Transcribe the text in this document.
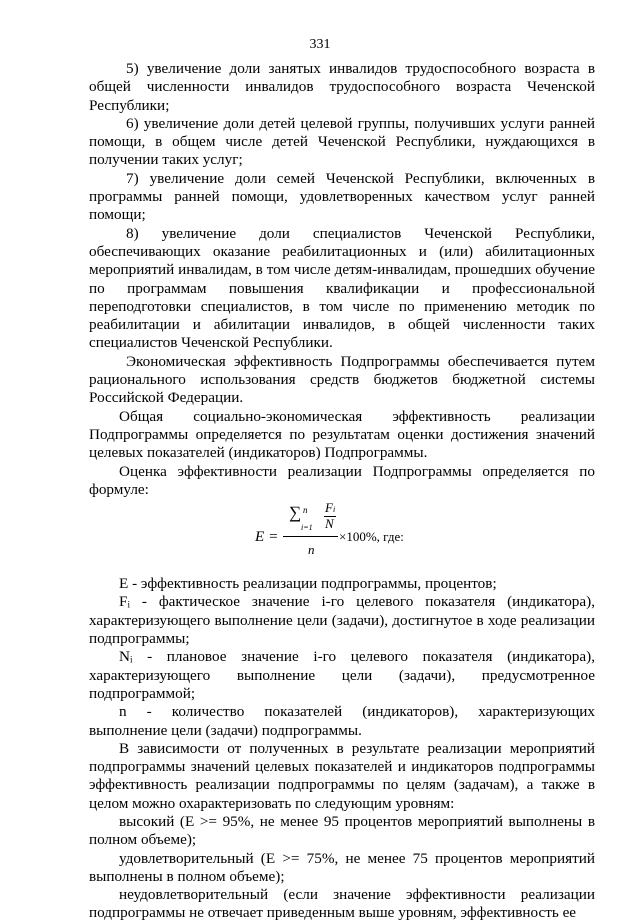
331

5) увеличение доли занятых инвалидов трудоспособного возраста в общей численности инвалидов трудоспособного возраста Чеченской Республики;

6) увеличение доли детей целевой группы, получивших услуги ранней помощи, в общем числе детей Чеченской Республики, нуждающихся в получении таких услуг;

7) увеличение доли семей Чеченской Республики, включенных в программы ранней помощи, удовлетворенных качеством услуг ранней помощи;

8) увеличение доли специалистов Чеченской Республики, обеспечивающих оказание реабилитационных и (или) абилитационных мероприятий инвалидам, в том числе детям-инвалидам, прошедших обучение по программам повышения квалификации и профессиональной переподготовки специалистов, в том числе по применению методик по реабилитации и абилитации инвалидов, в общей численности таких специалистов Чеченской Республики.

Экономическая эффективность Подпрограммы обеспечивается путем рационального использования средств бюджетов бюджетной системы Российской Федерации.

Общая социально-экономическая эффективность реализации Подпрограммы определяется по результатам оценки достижения значений целевых показателей (индикаторов) Подпрограммы.

Оценка эффективности реализации Подпрограммы определяется по формуле:

E =
n
∑
i=1
Fi
N
n
×100%, где:

E - эффективность реализации подпрограммы, процентов;

Fᵢ - фактическое значение i-го целевого показателя (индикатора), характеризующего выполнение цели (задачи), достигнутое в ходе реализации подпрограммы;

Nᵢ - плановое значение i-го целевого показателя (индикатора), характеризующего выполнение цели (задачи), предусмотренное подпрограммой;

n - количество показателей (индикаторов), характеризующих выполнение цели (задачи) подпрограммы.

В зависимости от полученных в результате реализации мероприятий подпрограммы значений целевых показателей и индикаторов подпрограммы эффективность реализации подпрограммы по целям (задачам), а также в целом можно охарактеризовать по следующим уровням:

высокий (E >= 95%, не менее 95 процентов мероприятий выполнены в полном объеме);

удовлетворительный (E >= 75%, не менее 75 процентов мероприятий выполнены в полном объеме);

неудовлетворительный (если значение эффективности реализации подпрограммы не отвечает приведенным выше уровням, эффективность ее
